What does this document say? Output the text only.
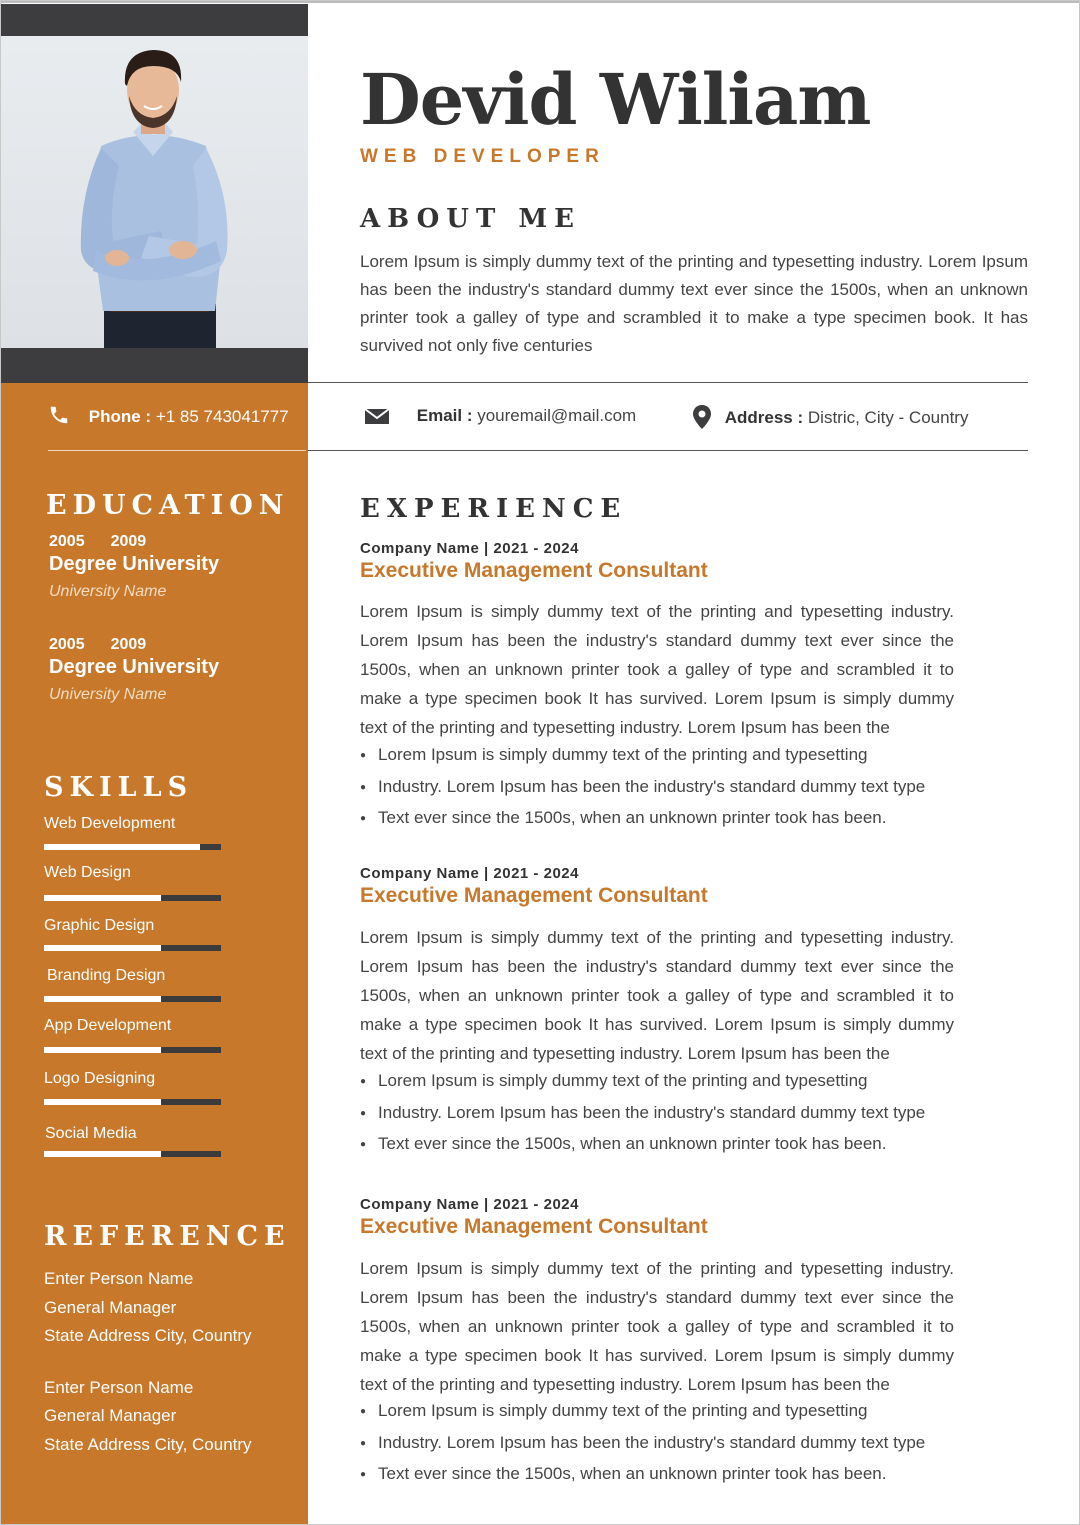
Phone : +1 85 743041777
EDUCATION
2005 2009
Degree University
University Name
2005 2009
Degree University
University Name
SKILLS
Web Development
Web Design
Graphic Design
Branding Design
App Development
Logo Designing
Social Media
REFERENCE
Enter Person Name
General Manager
State Address City, Country
Enter Person Name
General Manager
State Address City, Country
Devid Wiliam
WEB DEVELOPER
ABOUT ME
Lorem Ipsum is simply dummy text of the printing and typesetting industry. Lorem Ipsum has been the industry's standard dummy text ever since the 1500s, when an unknown printer took a galley of type and scrambled it to make a type specimen book. It has survived not only five centuries
Email : youremail@mail.com	Address : Distric, City - Country
EXPERIENCE
Company Name | 2021 - 2024
Executive Management Consultant
Lorem Ipsum is simply dummy text of the printing and typesetting industry. Lorem Ipsum has been the industry's standard dummy text ever since the 1500s, when an unknown printer took a galley of type and scrambled it to make a type specimen book It has survived. Lorem Ipsum is simply dummy text of the printing and typesetting industry. Lorem Ipsum has been the
● Lorem Ipsum is simply dummy text of the printing and typesetting
● Industry. Lorem Ipsum has been the industry's standard dummy text type
● Text ever since the 1500s, when an unknown printer took has been.
Company Name | 2021 - 2024
Executive Management Consultant
Lorem Ipsum is simply dummy text of the printing and typesetting industry. Lorem Ipsum has been the industry's standard dummy text ever since the 1500s, when an unknown printer took a galley of type and scrambled it to make a type specimen book It has survived. Lorem Ipsum is simply dummy text of the printing and typesetting industry. Lorem Ipsum has been the
● Lorem Ipsum is simply dummy text of the printing and typesetting
● Industry. Lorem Ipsum has been the industry's standard dummy text type
● Text ever since the 1500s, when an unknown printer took has been.
Company Name | 2021 - 2024
Executive Management Consultant
Lorem Ipsum is simply dummy text of the printing and typesetting industry. Lorem Ipsum has been the industry's standard dummy text ever since the 1500s, when an unknown printer took a galley of type and scrambled it to make a type specimen book It has survived. Lorem Ipsum is simply dummy text of the printing and typesetting industry. Lorem Ipsum has been the
● Lorem Ipsum is simply dummy text of the printing and typesetting
● Industry. Lorem Ipsum has been the industry's standard dummy text type
● Text ever since the 1500s, when an unknown printer took has been.
